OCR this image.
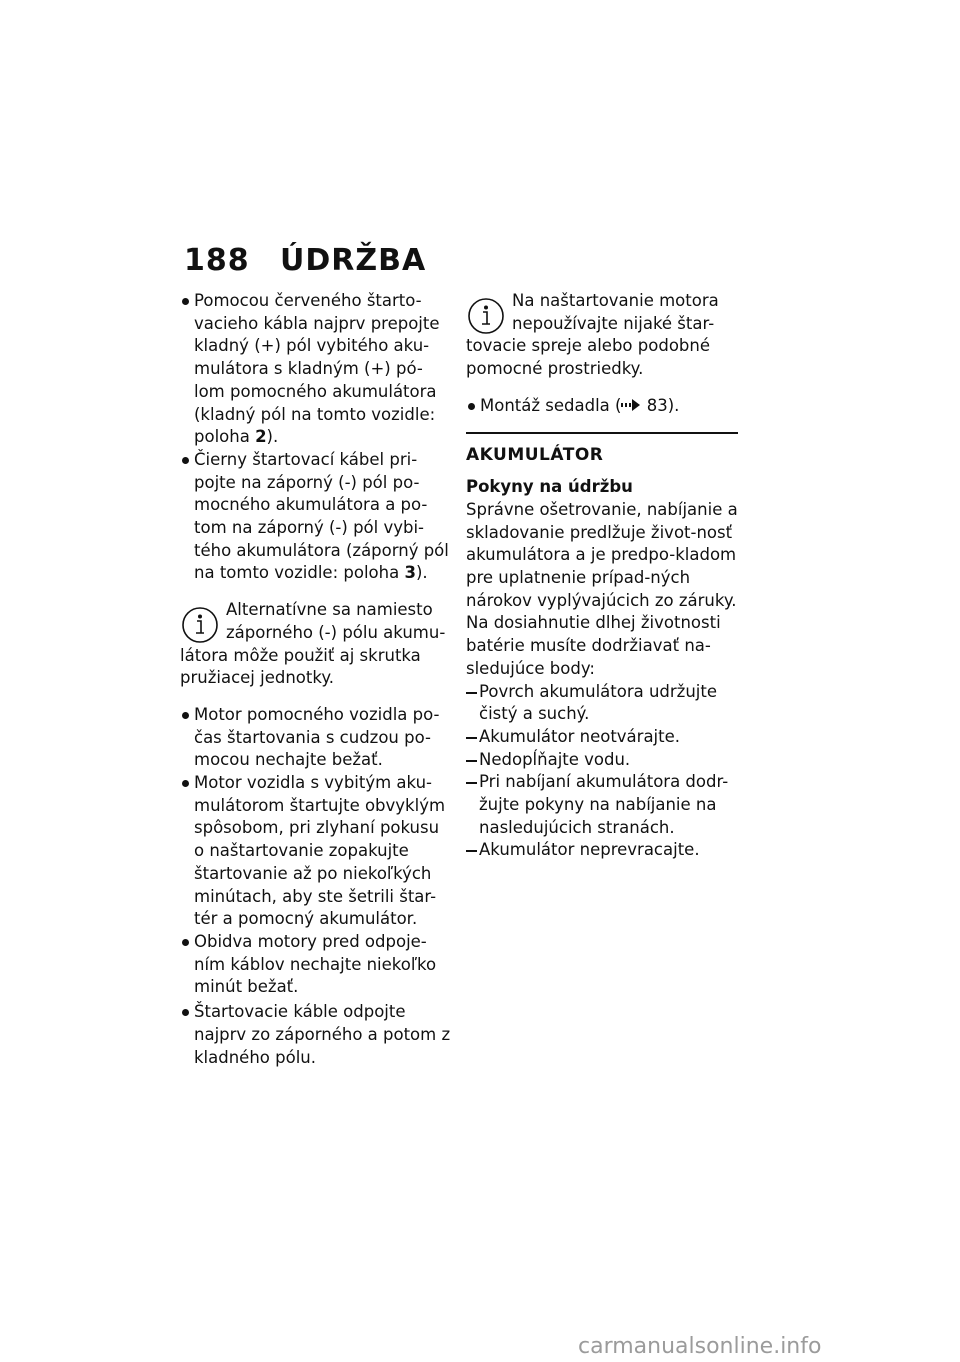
188 ÚDRŽBA
Pomocou červeného štarto-vacieho kábla najprv prepojte kladný (+) pól vybitého aku-mulátora s kladným (+) pó-lom pomocného akumulátora (kladný pól na tomto vozidle: poloha 2).
Čierny štartovací kábel pri-pojte na záporný (-) pól po-mocného akumulátora a po-tom na záporný (-) pól vybi-tého akumulátora (záporný pól na tomto vozidle: poloha 3).
Alternatívne sa namiesto
záporného (-) pólu akumu-
látora môže použiť aj skrutka pružiacej jednotky.
Motor pomocného vozidla po-čas štartovania s cudzou po-mocou nechajte bežať.
Motor vozidla s vybitým aku-mulátorom štartujte obvyklým spôsobom, pri zlyhaní pokusu o naštartovanie zopakujte štartovanie až po niekoľkých minútach, aby ste šetrili štar-tér a pomocný akumulátor.
Obidva motory pred odpoje-ním káblov nechajte niekoľko minút bežať.
Štartovacie káble odpojte najprv zo záporného a potom z kladného pólu.
Na naštartovanie motora
nepoužívajte nijaké štar-
tovacie spreje alebo podobné pomocné prostriedky.
Montáž sedadla ( 83).
AKUMULÁTOR
Pokyny na údržbu

Správne ošetrovanie, nabíjanie a skladovanie predlžuje život-nosť akumulátora a je predpo-kladom pre uplatnenie prípad-ných nárokov vyplývajúcich zo záruky.

Na dosiahnutie dlhej životnosti batérie musíte dodržiavať na-sledujúce body:

Povrch akumulátora udržujte čistý a suchý.
Akumulátor neotvárajte.
Nedopĺňajte vodu.
Pri nabíjaní akumulátora dodr-žujte pokyny na nabíjanie na nasledujúcich stranách.
Akumulátor neprevracajte.
carmanualsonline.info
